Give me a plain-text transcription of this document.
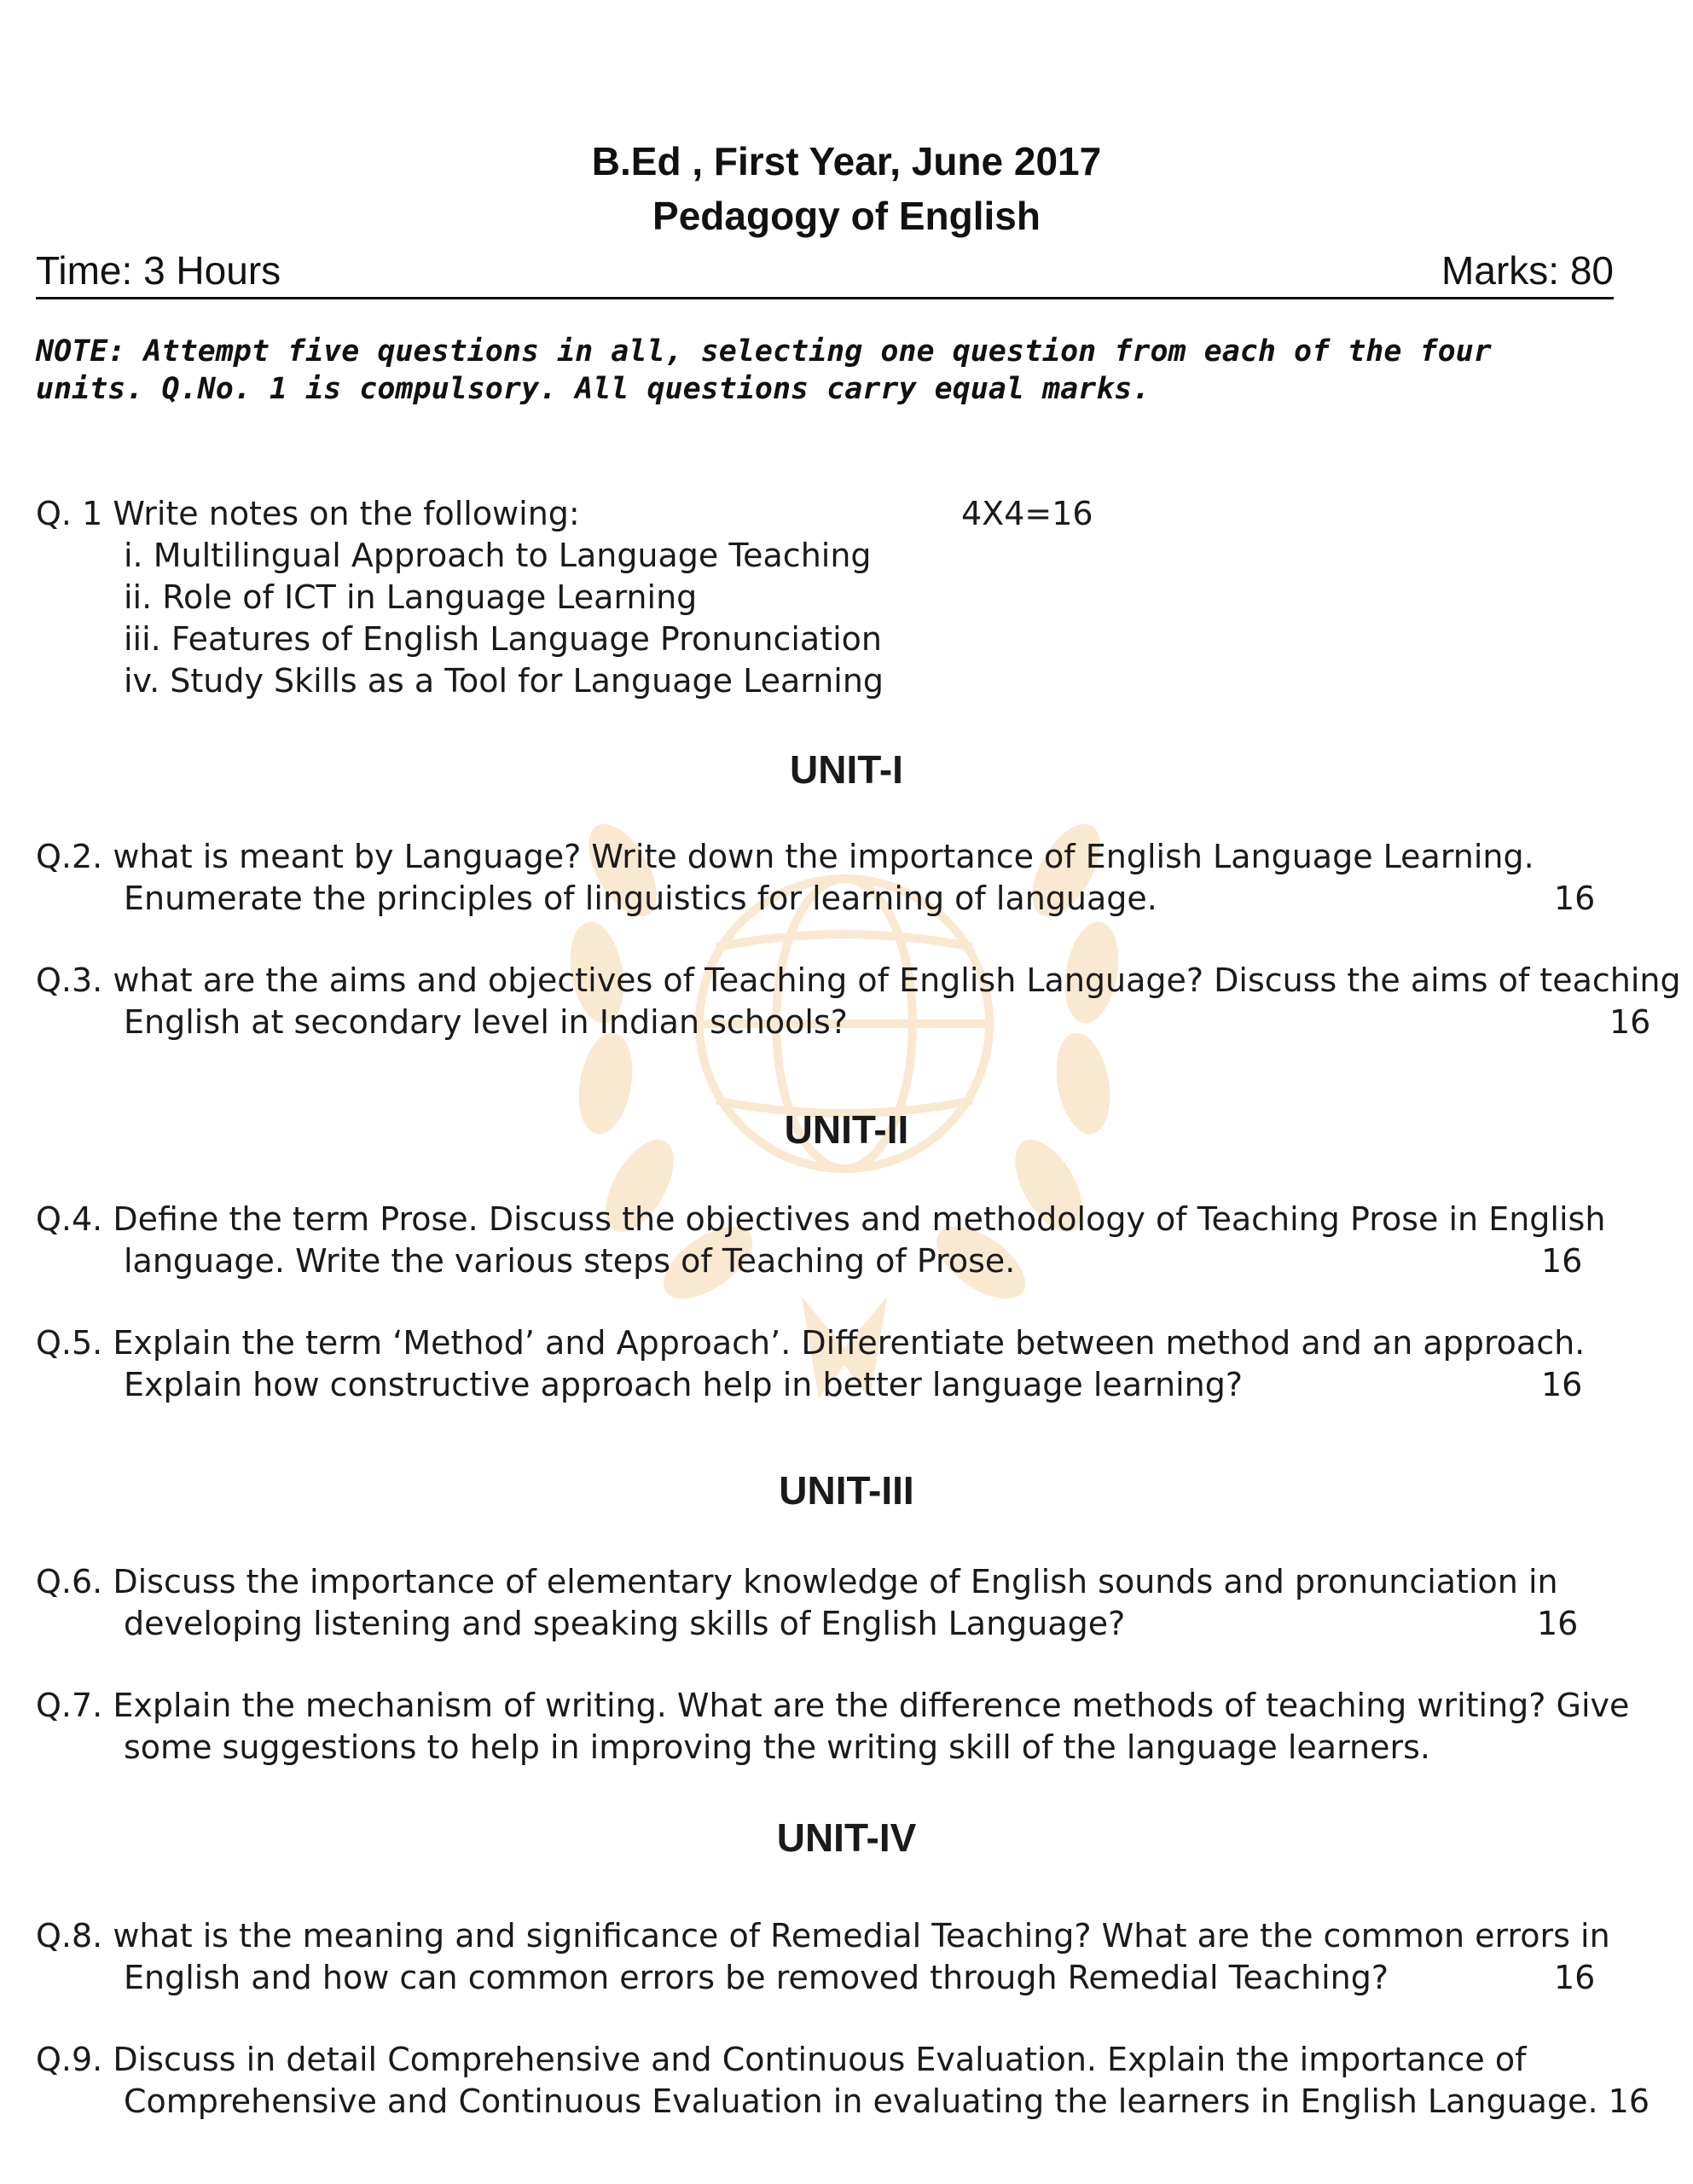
B.Ed , First Year, June 2017
Pedagogy of English
Time: 3 Hours	Marks: 80
NOTE: Attempt five questions in all, selecting one question from each of the four units. Q.No. 1 is compulsory. All questions carry equal marks.
Q. 1 Write notes on the following:	4X4=16
i. Multilingual Approach to Language Teaching
ii. Role of ICT in Language Learning
iii. Features of English Language Pronunciation
iv. Study Skills as a Tool for Language Learning
UNIT-I
Q.2. what is meant by Language? Write down the importance of English Language Learning.
Enumerate the principles of linguistics for learning of language.	16
Q.3. what are the aims and objectives of Teaching of English Language? Discuss the aims of teaching
English at secondary level in Indian schools?	16
UNIT-II
Q.4. Define the term Prose. Discuss the objectives and methodology of Teaching Prose in English
language. Write the various steps of Teaching of Prose.	16
Q.5. Explain the term ‘Method’ and Approach’. Differentiate between method and an approach.
Explain how constructive approach help in better language learning?	16
UNIT-III
Q.6. Discuss the importance of elementary knowledge of English sounds and pronunciation in
developing listening and speaking skills of English Language?	16
Q.7. Explain the mechanism of writing. What are the difference methods of teaching writing? Give
some suggestions to help in improving the writing skill of the language learners.
UNIT-IV
Q.8. what is the meaning and significance of Remedial Teaching? What are the common errors in
English and how can common errors be removed through Remedial Teaching?	16
Q.9. Discuss in detail Comprehensive and Continuous Evaluation. Explain the importance of
Comprehensive and Continuous Evaluation in evaluating the learners in English Language. 16
